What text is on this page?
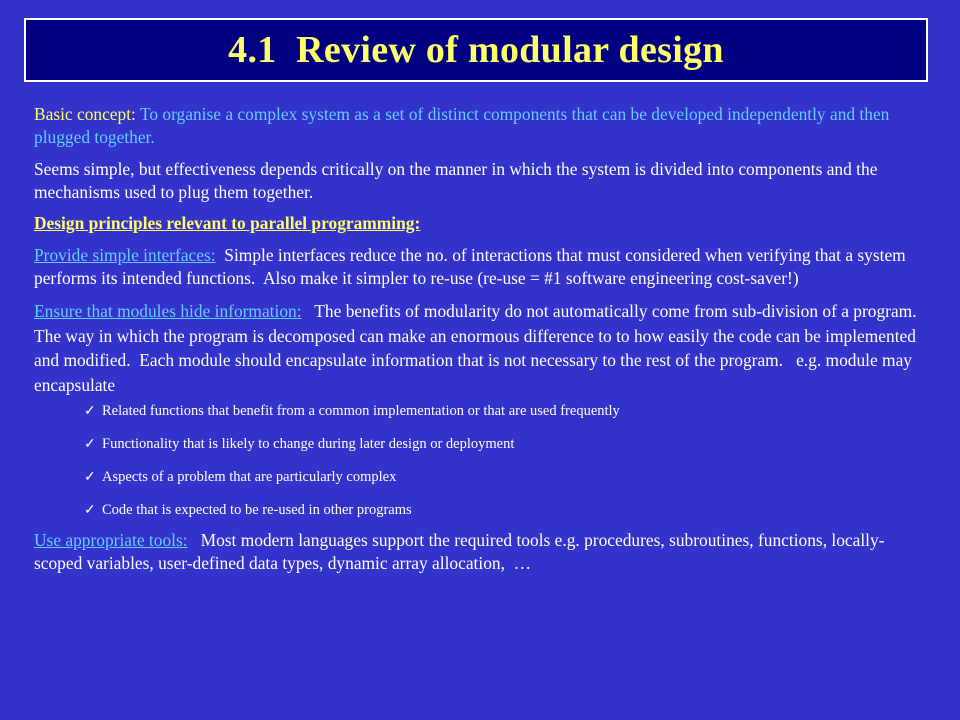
4.1  Review of modular design

Basic concept: To organise a complex system as a set of distinct components that can be developed independently and then plugged together.

Seems simple, but effectiveness depends critically on the manner in which the system is divided into components and the mechanisms used to plug them together.

Design principles relevant to parallel programming:

Provide simple interfaces:  Simple interfaces reduce the no. of interactions that must considered when verifying that a system performs its intended functions.  Also make it simpler to re-use (re-use = #1 software engineering cost-saver!)

Ensure that modules hide information:   The benefits of modularity do not automatically come from sub-division of a program.  The way in which the program is decomposed can make an enormous difference to to how easily the code can be implemented and modified.  Each module should encapsulate information that is not necessary to the rest of the program.   e.g. module may encapsulate

✓ Related functions that benefit from a common implementation or that are used frequently
✓ Functionality that is likely to change during later design or deployment
✓ Aspects of a problem that are particularly complex
✓ Code that is expected to be re-used in other programs

Use appropriate tools:   Most modern languages support the required tools e.g. procedures, subroutines, functions, locally-scoped variables, user-defined data types, dynamic array allocation,  …
